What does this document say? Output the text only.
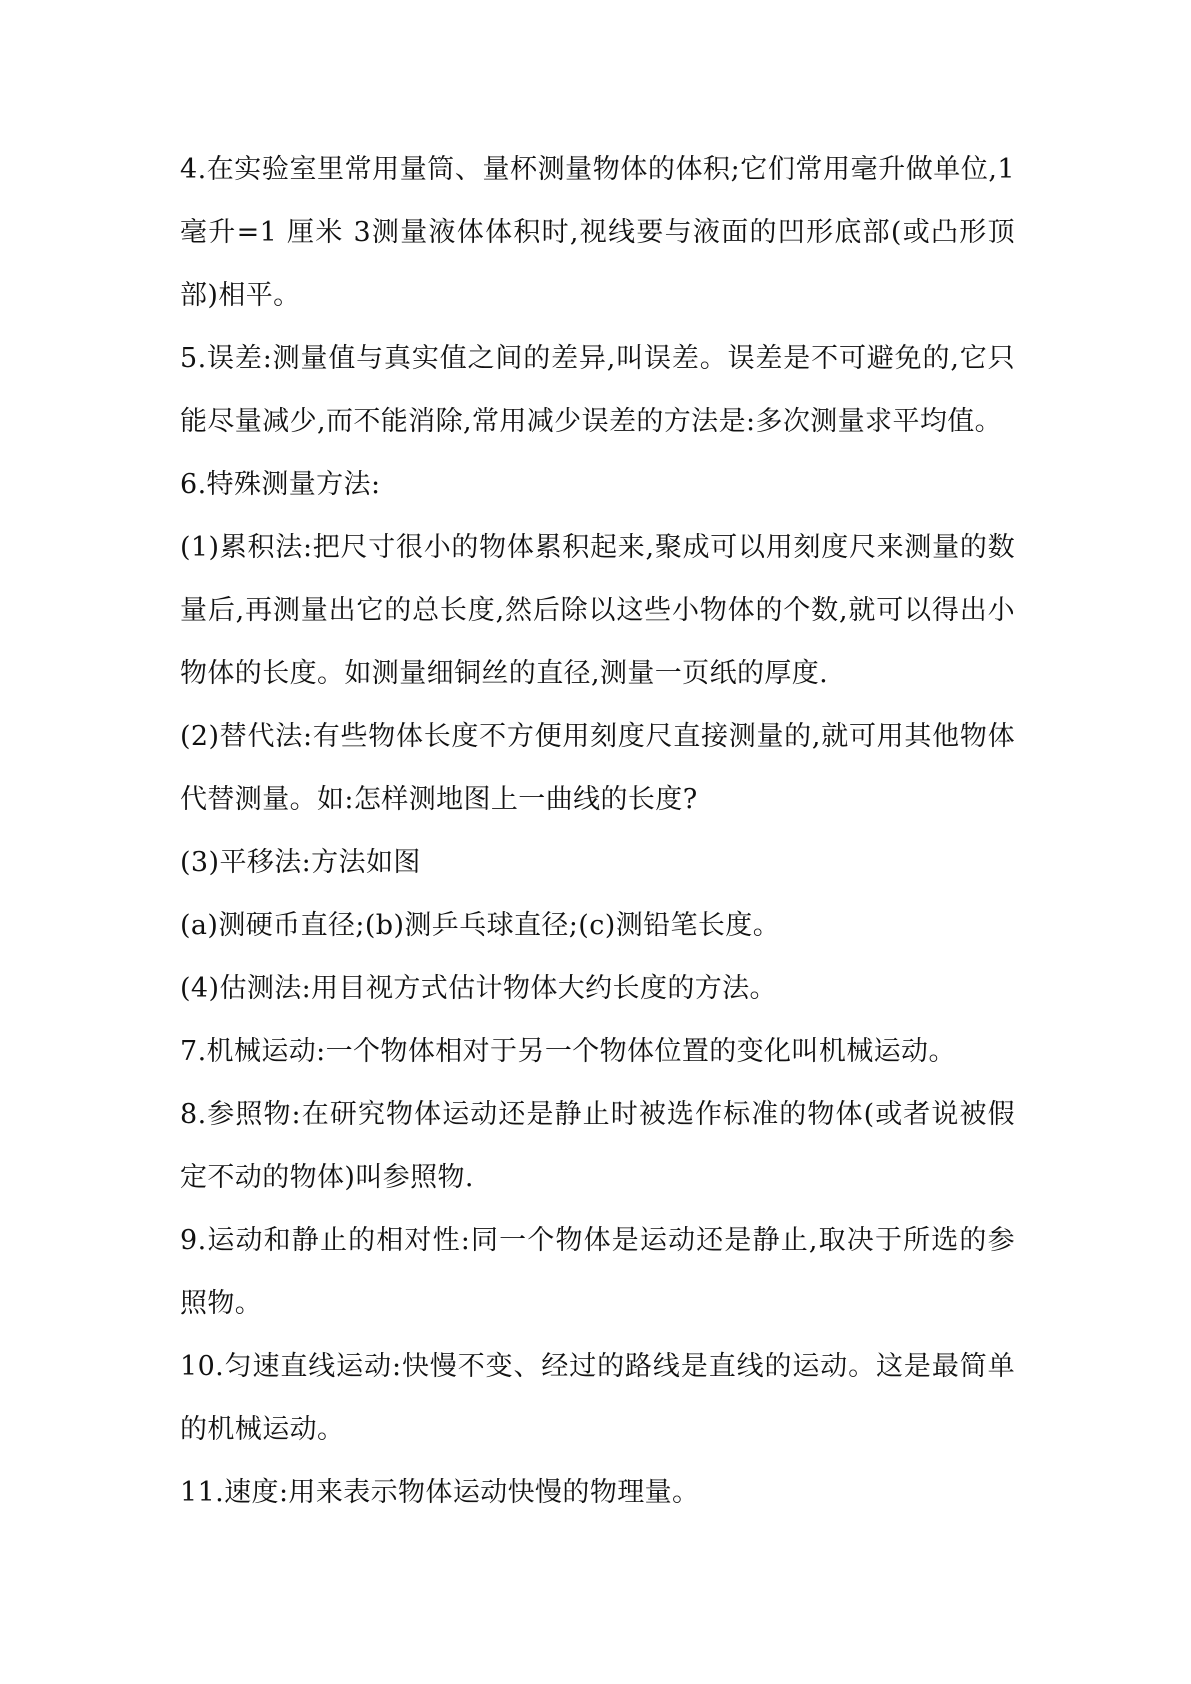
4.在实验室里常用量筒、量杯测量物体的体积;它们常用毫升做单位,1毫升=1 厘米 3测量液体体积时,视线要与液面的凹形底部(或凸形顶部)相平。

5.误差:测量值与真实值之间的差异,叫误差。误差是不可避免的,它只能尽量减少,而不能消除,常用减少误差的方法是:多次测量求平均值。

6.特殊测量方法:

(1)累积法:把尺寸很小的物体累积起来,聚成可以用刻度尺来测量的数量后,再测量出它的总长度,然后除以这些小物体的个数,就可以得出小物体的长度。如测量细铜丝的直径,测量一页纸的厚度.

(2)替代法:有些物体长度不方便用刻度尺直接测量的,就可用其他物体代替测量。如:怎样测地图上一曲线的长度?

(3)平移法:方法如图

(a)测硬币直径;(b)测乒乓球直径;(c)测铅笔长度。

(4)估测法:用目视方式估计物体大约长度的方法。

7.机械运动:一个物体相对于另一个物体位置的变化叫机械运动。

8.参照物:在研究物体运动还是静止时被选作标准的物体(或者说被假定不动的物体)叫参照物.

9.运动和静止的相对性:同一个物体是运动还是静止,取决于所选的参照物。

10.匀速直线运动:快慢不变、经过的路线是直线的运动。这是最简单的机械运动。

11.速度:用来表示物体运动快慢的物理量。
